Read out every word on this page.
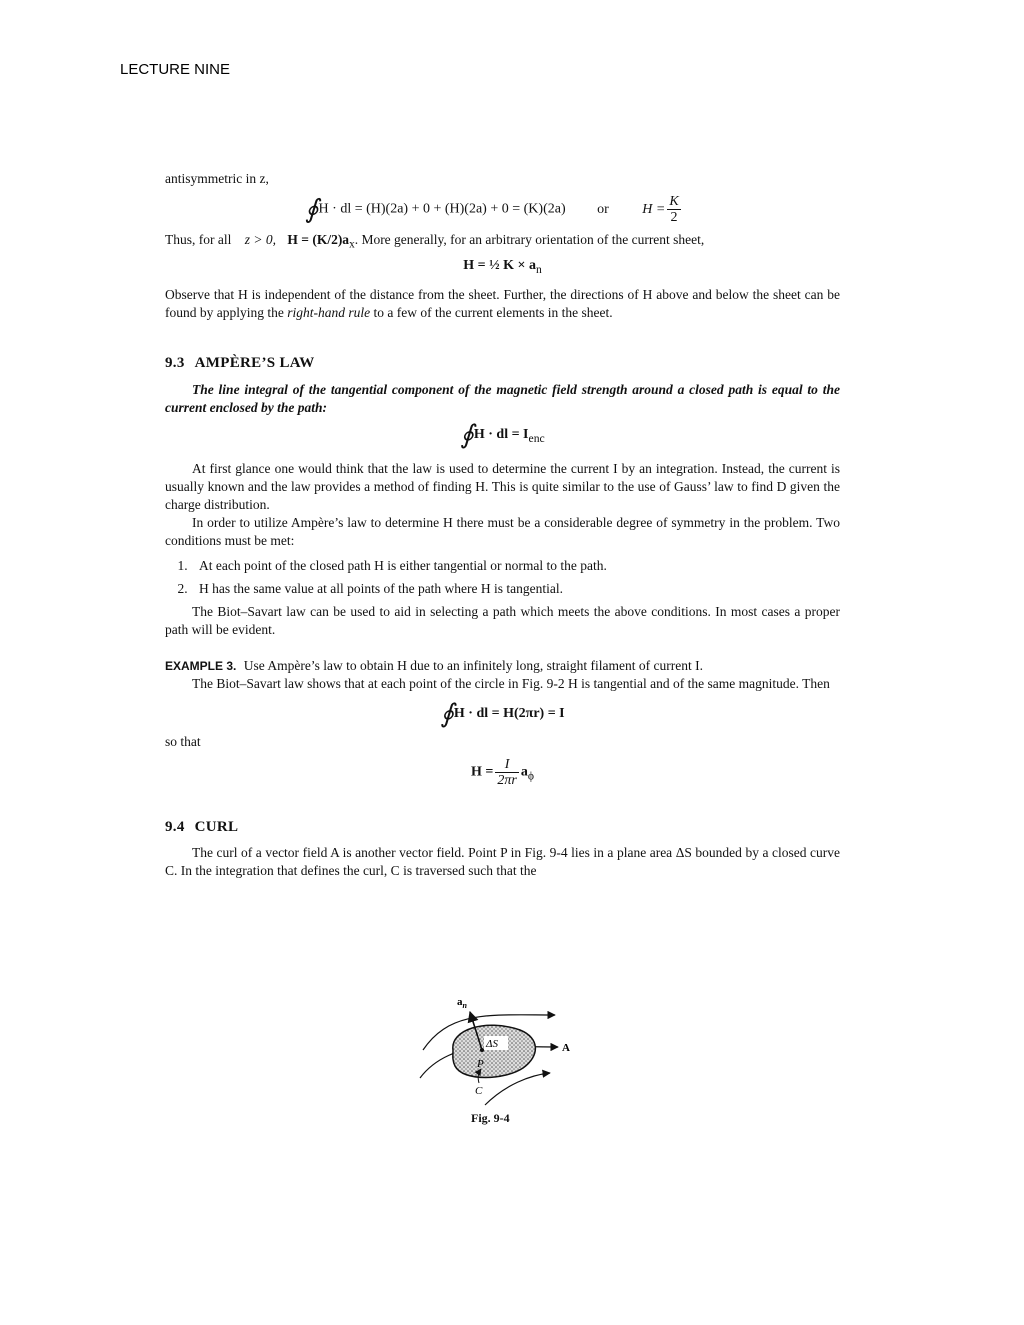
LECTURE NINE

antisymmetric in z,

∮H · dl = (H)(2a) + 0 + (H)(2a) + 0 = (K)(2a) or $H = \frac{K}{2}$

Thus, for all z > 0, $H = (K/2)a_x$. More generally, for an arbitrary orientation of the current sheet,

H = ½ $K \times a_n$

Observe that H is independent of the distance from the sheet. Further, the directions of H above and below the sheet can be found by applying the right-hand rule to a few of the current elements in the sheet.

9.3 AMPÈRE’S LAW

The line integral of the tangential component of the magnetic field strength around a closed path is equal to the current enclosed by the path:

∮H · dl = $I_{enc}$

At first glance one would think that the law is used to determine the current I by an integration. Instead, the current is usually known and the law provides a method of finding H. This is quite similar to the use of Gauss’ law to find D given the charge distribution.

In order to utilize Ampère’s law to determine H there must be a considerable degree of symmetry in the problem. Two conditions must be met:

1. At each point of the closed path H is either tangential or normal to the path.
2. H has the same value at all points of the path where H is tangential.

The Biot–Savart law can be used to aid in selecting a path which meets the above conditions. In most cases a proper path will be evident.

EXAMPLE 3. Use Ampère’s law to obtain H due to an infinitely long, straight filament of current I.

The Biot–Savart law shows that at each point of the circle in Fig. 9-2 H is tangential and of the same magnitude. Then

∮H · dl = H(2πr) = I

so that

$H = \frac{I}{2\pi r} a_\phi$

9.4 CURL

The curl of a vector field A is another vector field. Point P in Fig. 9-4 lies in a plane area ΔS bounded by a closed curve C. In the integration that defines the curl, C is traversed such that the

$a_n$
ΔS	A
P
C
Fig. 9-4
